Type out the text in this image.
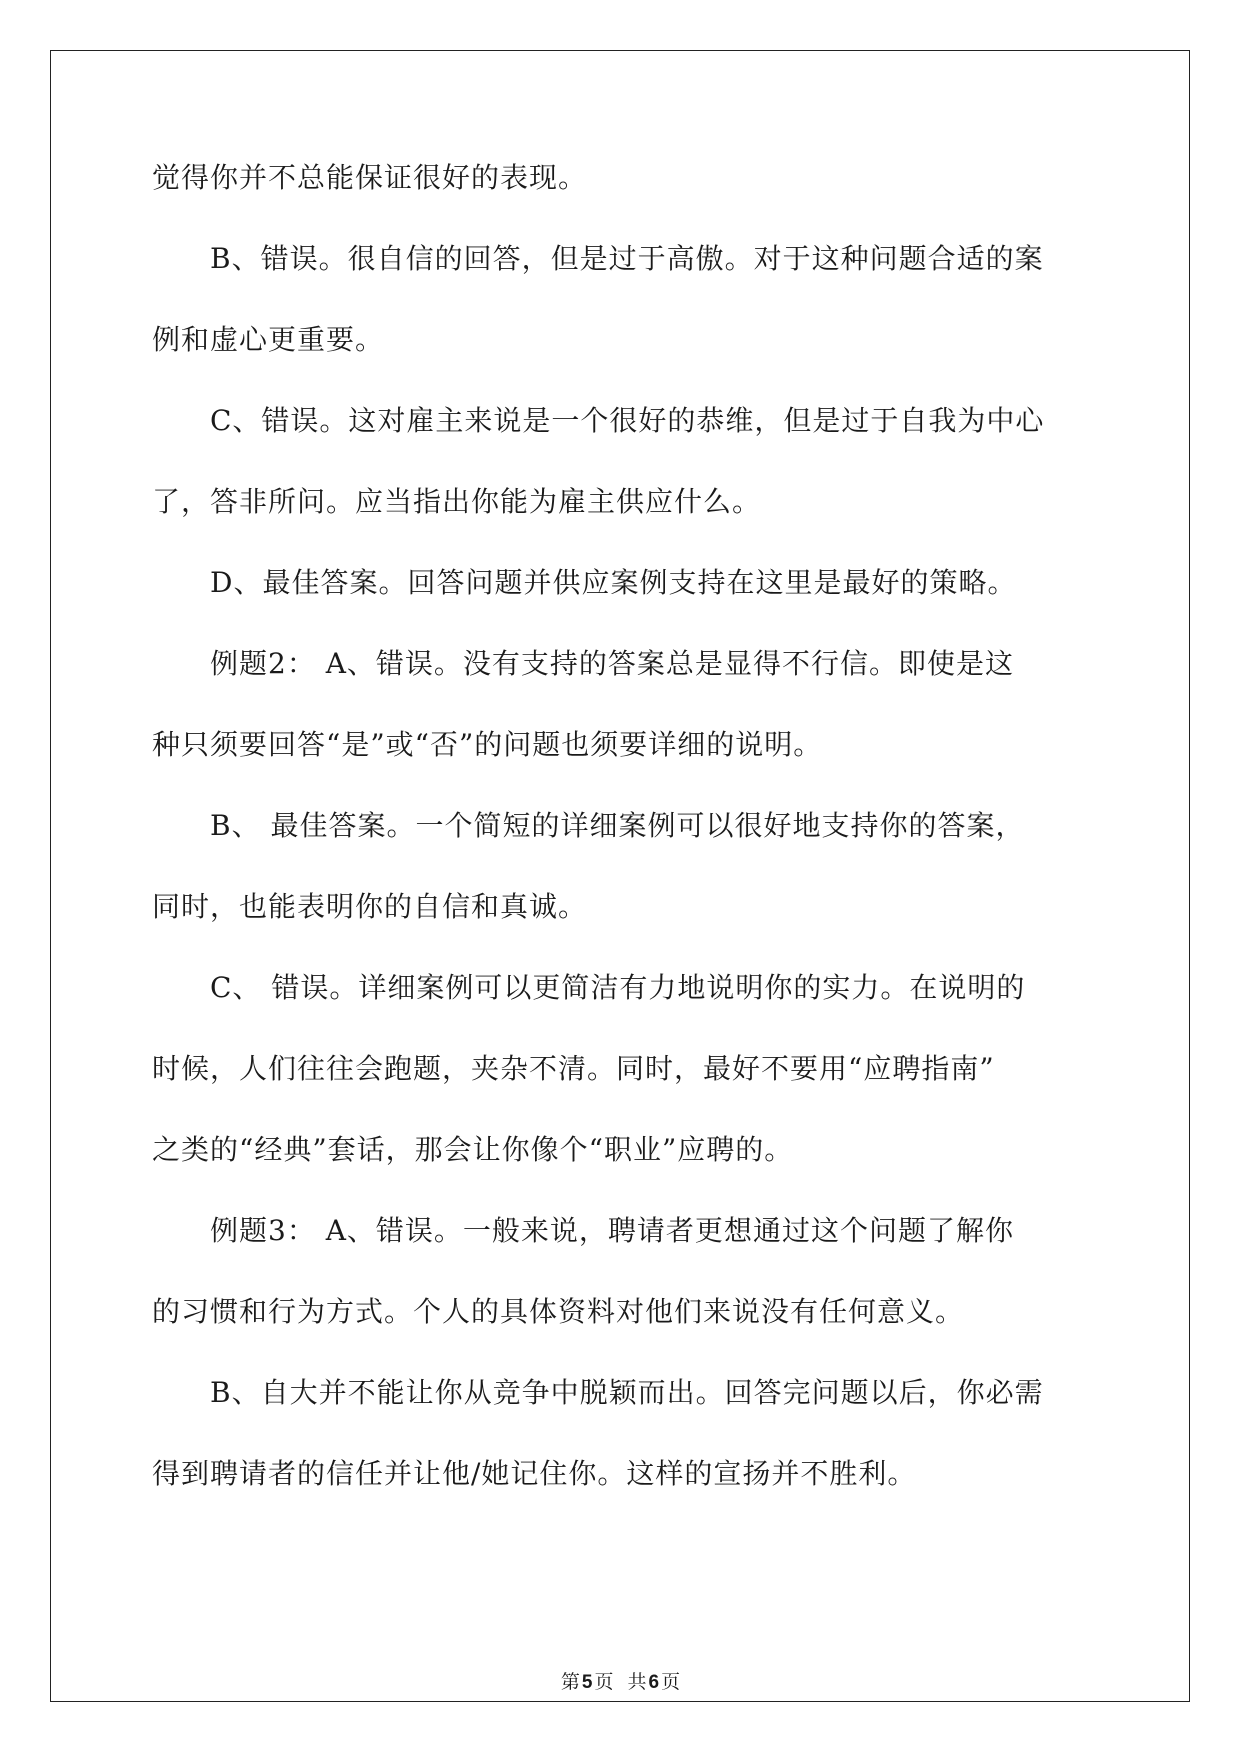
觉得你并不总能保证很好的表现。
B、错误。很自信的回答，但是过于高傲。对于这种问题合适的案
例和虚心更重要。
C、错误。这对雇主来说是一个很好的恭维，但是过于自我为中心
了，答非所问。应当指出你能为雇主供应什么。
D、最佳答案。回答问题并供应案例支持在这里是最好的策略。
例题2： A、错误。没有支持的答案总是显得不行信。即使是这
种只须要回答“是”或“否”的问题也须要详细的说明。
B、 最佳答案。一个简短的详细案例可以很好地支持你的答案，
同时，也能表明你的自信和真诚。
C、 错误。详细案例可以更简洁有力地说明你的实力。在说明的
时候，人们往往会跑题，夹杂不清。同时，最好不要用“应聘指南”
之类的“经典”套话，那会让你像个“职业”应聘的。
例题3： A、错误。一般来说，聘请者更想通过这个问题了解你
的习惯和行为方式。个人的具体资料对他们来说没有任何意义。
B、自大并不能让你从竞争中脱颖而出。回答完问题以后，你必需
得到聘请者的信任并让他/她记住你。这样的宣扬并不胜利。
第 5 页 共 6 页
